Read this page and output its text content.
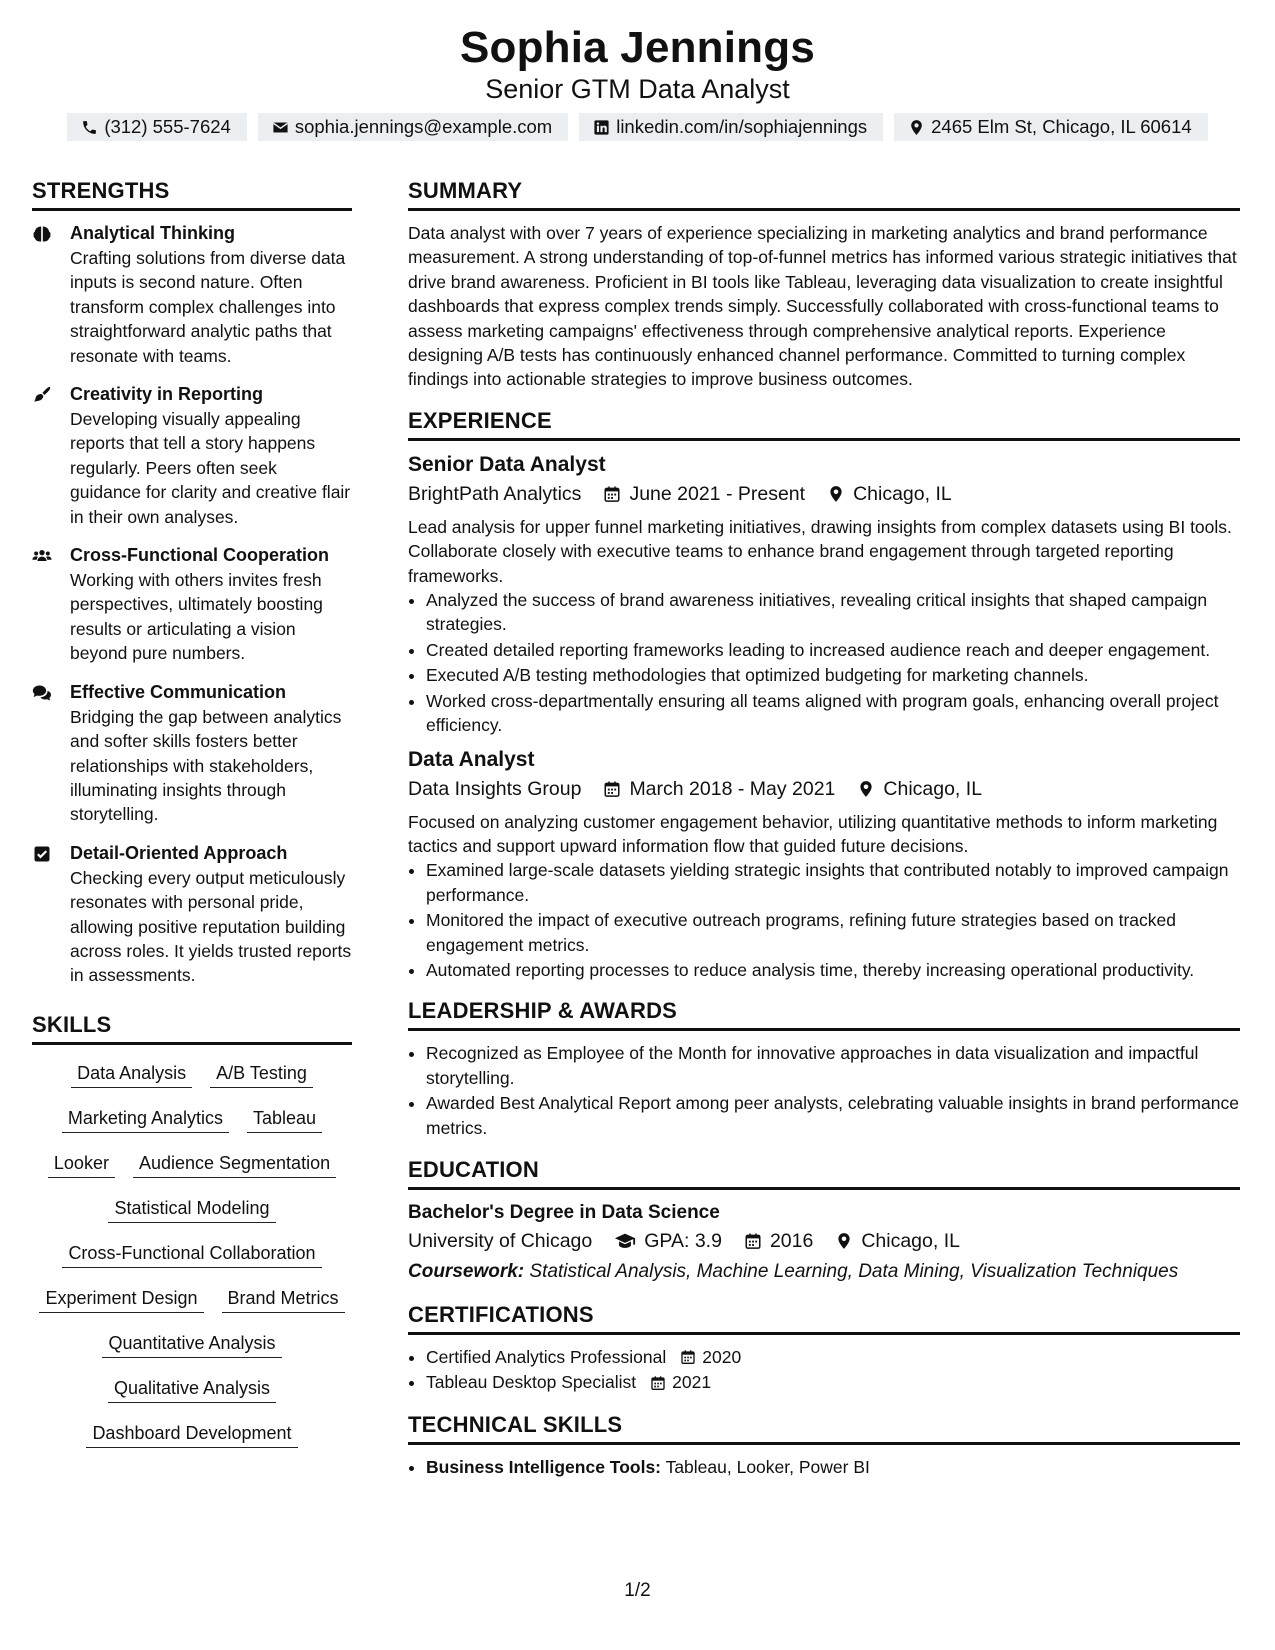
Sophia Jennings
Senior GTM Data Analyst
(312) 555-7624	sophia.jennings@example.com	linkedin.com/in/sophiajennings	2465 Elm St, Chicago, IL 60614
STRENGTHS
Analytical Thinking
Crafting solutions from diverse data inputs is second nature. Often transform complex challenges into straightforward analytic paths that resonate with teams.
Creativity in Reporting
Developing visually appealing reports that tell a story happens regularly. Peers often seek guidance for clarity and creative flair in their own analyses.
Cross-Functional Cooperation
Working with others invites fresh perspectives, ultimately boosting results or articulating a vision beyond pure numbers.
Effective Communication
Bridging the gap between analytics and softer skills fosters better relationships with stakeholders, illuminating insights through storytelling.
Detail-Oriented Approach
Checking every output meticulously resonates with personal pride, allowing positive reputation building across roles. It yields trusted reports in assessments.
SKILLS
Data Analysis	A/B Testing
Marketing Analytics	Tableau
Looker	Audience Segmentation
Statistical Modeling
Cross-Functional Collaboration
Experiment Design	Brand Metrics
Quantitative Analysis
Qualitative Analysis
Dashboard Development
SUMMARY
Data analyst with over 7 years of experience specializing in marketing analytics and brand performance measurement. A strong understanding of top-of-funnel metrics has informed various strategic initiatives that drive brand awareness. Proficient in BI tools like Tableau, leveraging data visualization to create insightful dashboards that express complex trends simply. Successfully collaborated with cross-functional teams to assess marketing campaigns' effectiveness through comprehensive analytical reports. Experience designing A/B tests has continuously enhanced channel performance. Committed to turning complex findings into actionable strategies to improve business outcomes.
EXPERIENCE
Senior Data Analyst
BrightPath Analytics June 2021 - Present Chicago, IL
Lead analysis for upper funnel marketing initiatives, drawing insights from complex datasets using BI tools. Collaborate closely with executive teams to enhance brand engagement through targeted reporting frameworks.
• Analyzed the success of brand awareness initiatives, revealing critical insights that shaped campaign strategies.
• Created detailed reporting frameworks leading to increased audience reach and deeper engagement.
• Executed A/B testing methodologies that optimized budgeting for marketing channels.
• Worked cross-departmentally ensuring all teams aligned with program goals, enhancing overall project efficiency.
Data Analyst
Data Insights Group March 2018 - May 2021 Chicago, IL
Focused on analyzing customer engagement behavior, utilizing quantitative methods to inform marketing tactics and support upward information flow that guided future decisions.
• Examined large-scale datasets yielding strategic insights that contributed notably to improved campaign performance.
• Monitored the impact of executive outreach programs, refining future strategies based on tracked engagement metrics.
• Automated reporting processes to reduce analysis time, thereby increasing operational productivity.
LEADERSHIP & AWARDS
• Recognized as Employee of the Month for innovative approaches in data visualization and impactful storytelling.
• Awarded Best Analytical Report among peer analysts, celebrating valuable insights in brand performance metrics.
EDUCATION
Bachelor's Degree in Data Science
University of Chicago	GPA: 3.9 2016 Chicago, IL
Coursework: Statistical Analysis, Machine Learning, Data Mining, Visualization Techniques
CERTIFICATIONS
• Certified Analytics Professional 2020
• Tableau Desktop Specialist 2021
TECHNICAL SKILLS
• Business Intelligence Tools: Tableau, Looker, Power BI
1/2
